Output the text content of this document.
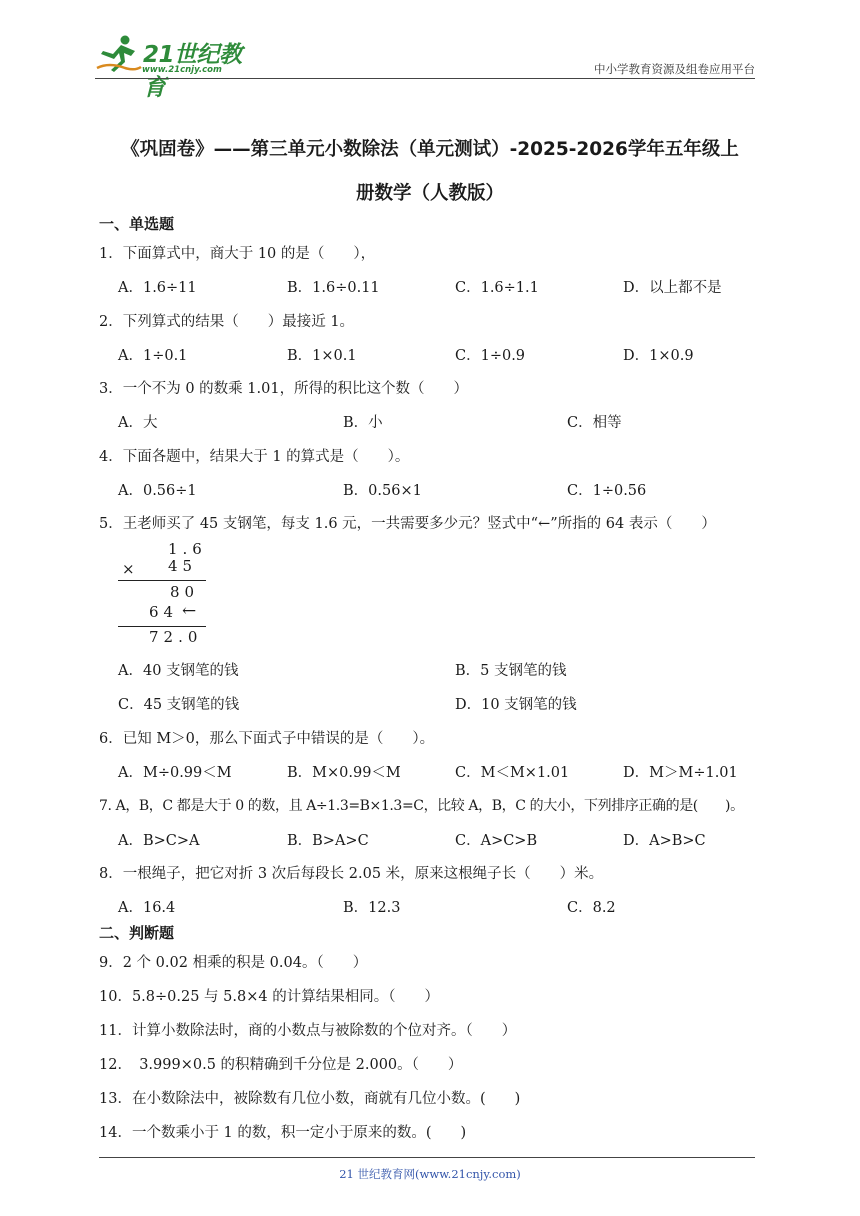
21世纪教育
www.21cnjy.com	中小学教育资源及组卷应用平台
《巩固卷》——第三单元小数除法（单元测试）-2025-2026学年五年级上
册数学（人教版）
一、单选题
1．下面算式中，商大于 10 的是（　　），
A．1.6÷11	B．1.6÷0.11	C．1.6÷1.1	D．以上都不是
2．下列算式的结果（　　）最接近 1。
A．1÷0.1	B．1×0.1	C．1÷0.9	D．1×0.9
3．一个不为 0 的数乘 1.01，所得的积比这个数（　　）
A．大	B．小	C．相等
4．下面各题中，结果大于 1 的算式是（　　）。
A．0.56÷1	B．0.56×1	C．1÷0.56
5．王老师买了 45 支钢笔，每支 1.6 元，一共需要多少元？竖式中“←”所指的 64 表示（　　）
1.6
× 45
80
64 ←
72.0
A．40 支钢笔的钱	B．5 支钢笔的钱
C．45 支钢笔的钱	D．10 支钢笔的钱
6．已知 M＞0，那么下面式子中错误的是（　　）。
A．M÷0.99＜M	B．M×0.99＜M	C．M＜M×1.01	D．M＞M÷1.01
7. A，B，C 都是大于 0 的数，且 A÷1.3=B×1.3=C，比较 A，B，C 的大小，下列排序正确的是(　　)。
A．B>C>A	B．B>A>C	C．A>C>B	D．A>B>C
8．一根绳子，把它对折 3 次后每段长 2.05 米，原来这根绳子长（　　）米。
A．16.4	B．12.3	C．8.2
二、判断题
9．2 个 0.02 相乘的积是 0.04。（　　）
10．5.8÷0.25 与 5.8×4 的计算结果相同。（　　）
11．计算小数除法时，商的小数点与被除数的个位对齐。（　　）
12．　3.999×0.5 的积精确到千分位是 2.000。（　　）
13．在小数除法中，被除数有几位小数，商就有几位小数。(　　)
14．一个数乘小于 1 的数，积一定小于原来的数。(　　)
21 世纪教育网(www.21cnjy.com)
